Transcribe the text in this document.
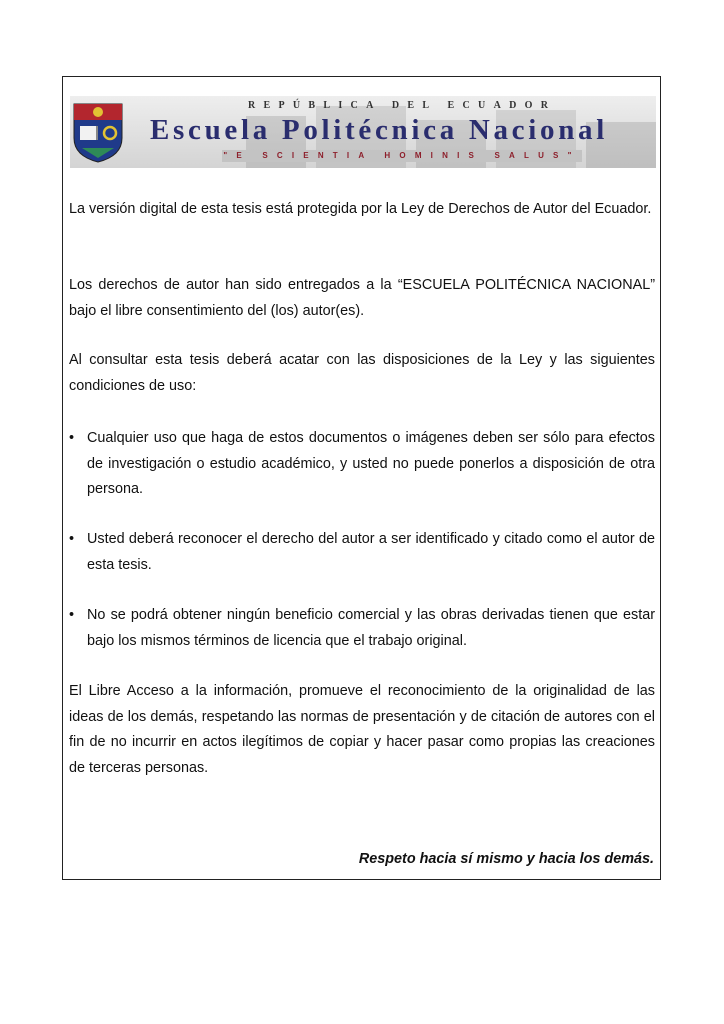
REPÚBLICA DEL ECUADOR
Escuela Politécnica Nacional
"E SCIENTIA HOMINIS SALUS"

La versión digital de esta tesis está protegida por la Ley de Derechos de Autor del Ecuador.

Los derechos de autor han sido entregados a la “ESCUELA POLITÉCNICA NACIONAL” bajo el libre consentimiento del (los) autor(es).

Al consultar esta tesis deberá acatar con las disposiciones de la Ley y las siguientes condiciones de uso:

• Cualquier uso que haga de estos documentos o imágenes deben ser sólo para efectos de investigación o estudio académico, y usted no puede ponerlos a disposición de otra persona.

• Usted deberá reconocer el derecho del autor a ser identificado y citado como el autor de esta tesis.

• No se podrá obtener ningún beneficio comercial y las obras derivadas tienen que estar bajo los mismos términos de licencia que el trabajo original.

El Libre Acceso a la información, promueve el reconocimiento de la originalidad de las ideas de los demás, respetando las normas de presentación y de citación de autores con el fin de no incurrir en actos ilegítimos de copiar y hacer pasar como propias las creaciones de terceras personas.

Respeto hacia sí mismo y hacia los demás.
